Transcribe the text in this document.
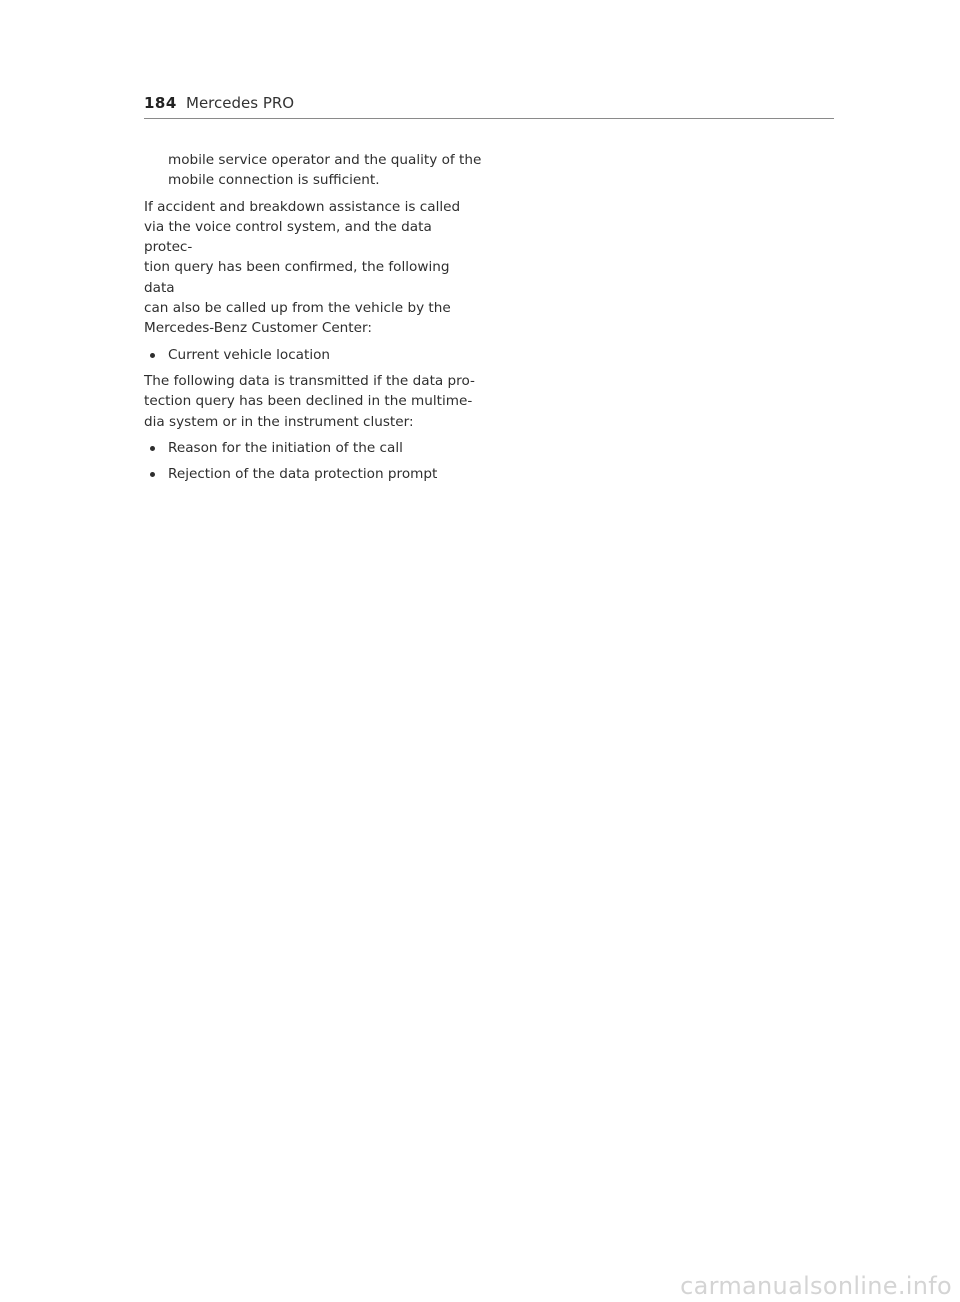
184 Mercedes PRO

mobile service operator and the quality of the
mobile connection is sufficient.

If accident and breakdown assistance is called
via the voice control system, and the data protec-
tion query has been confirmed, the following data
can also be called up from the vehicle by the
Mercedes-Benz Customer Center:

Current vehicle location

The following data is transmitted if the data pro-
tection query has been declined in the multime-
dia system or in the instrument cluster:

Reason for the initiation of the call
Rejection of the data protection prompt
carmanualsonline.info
